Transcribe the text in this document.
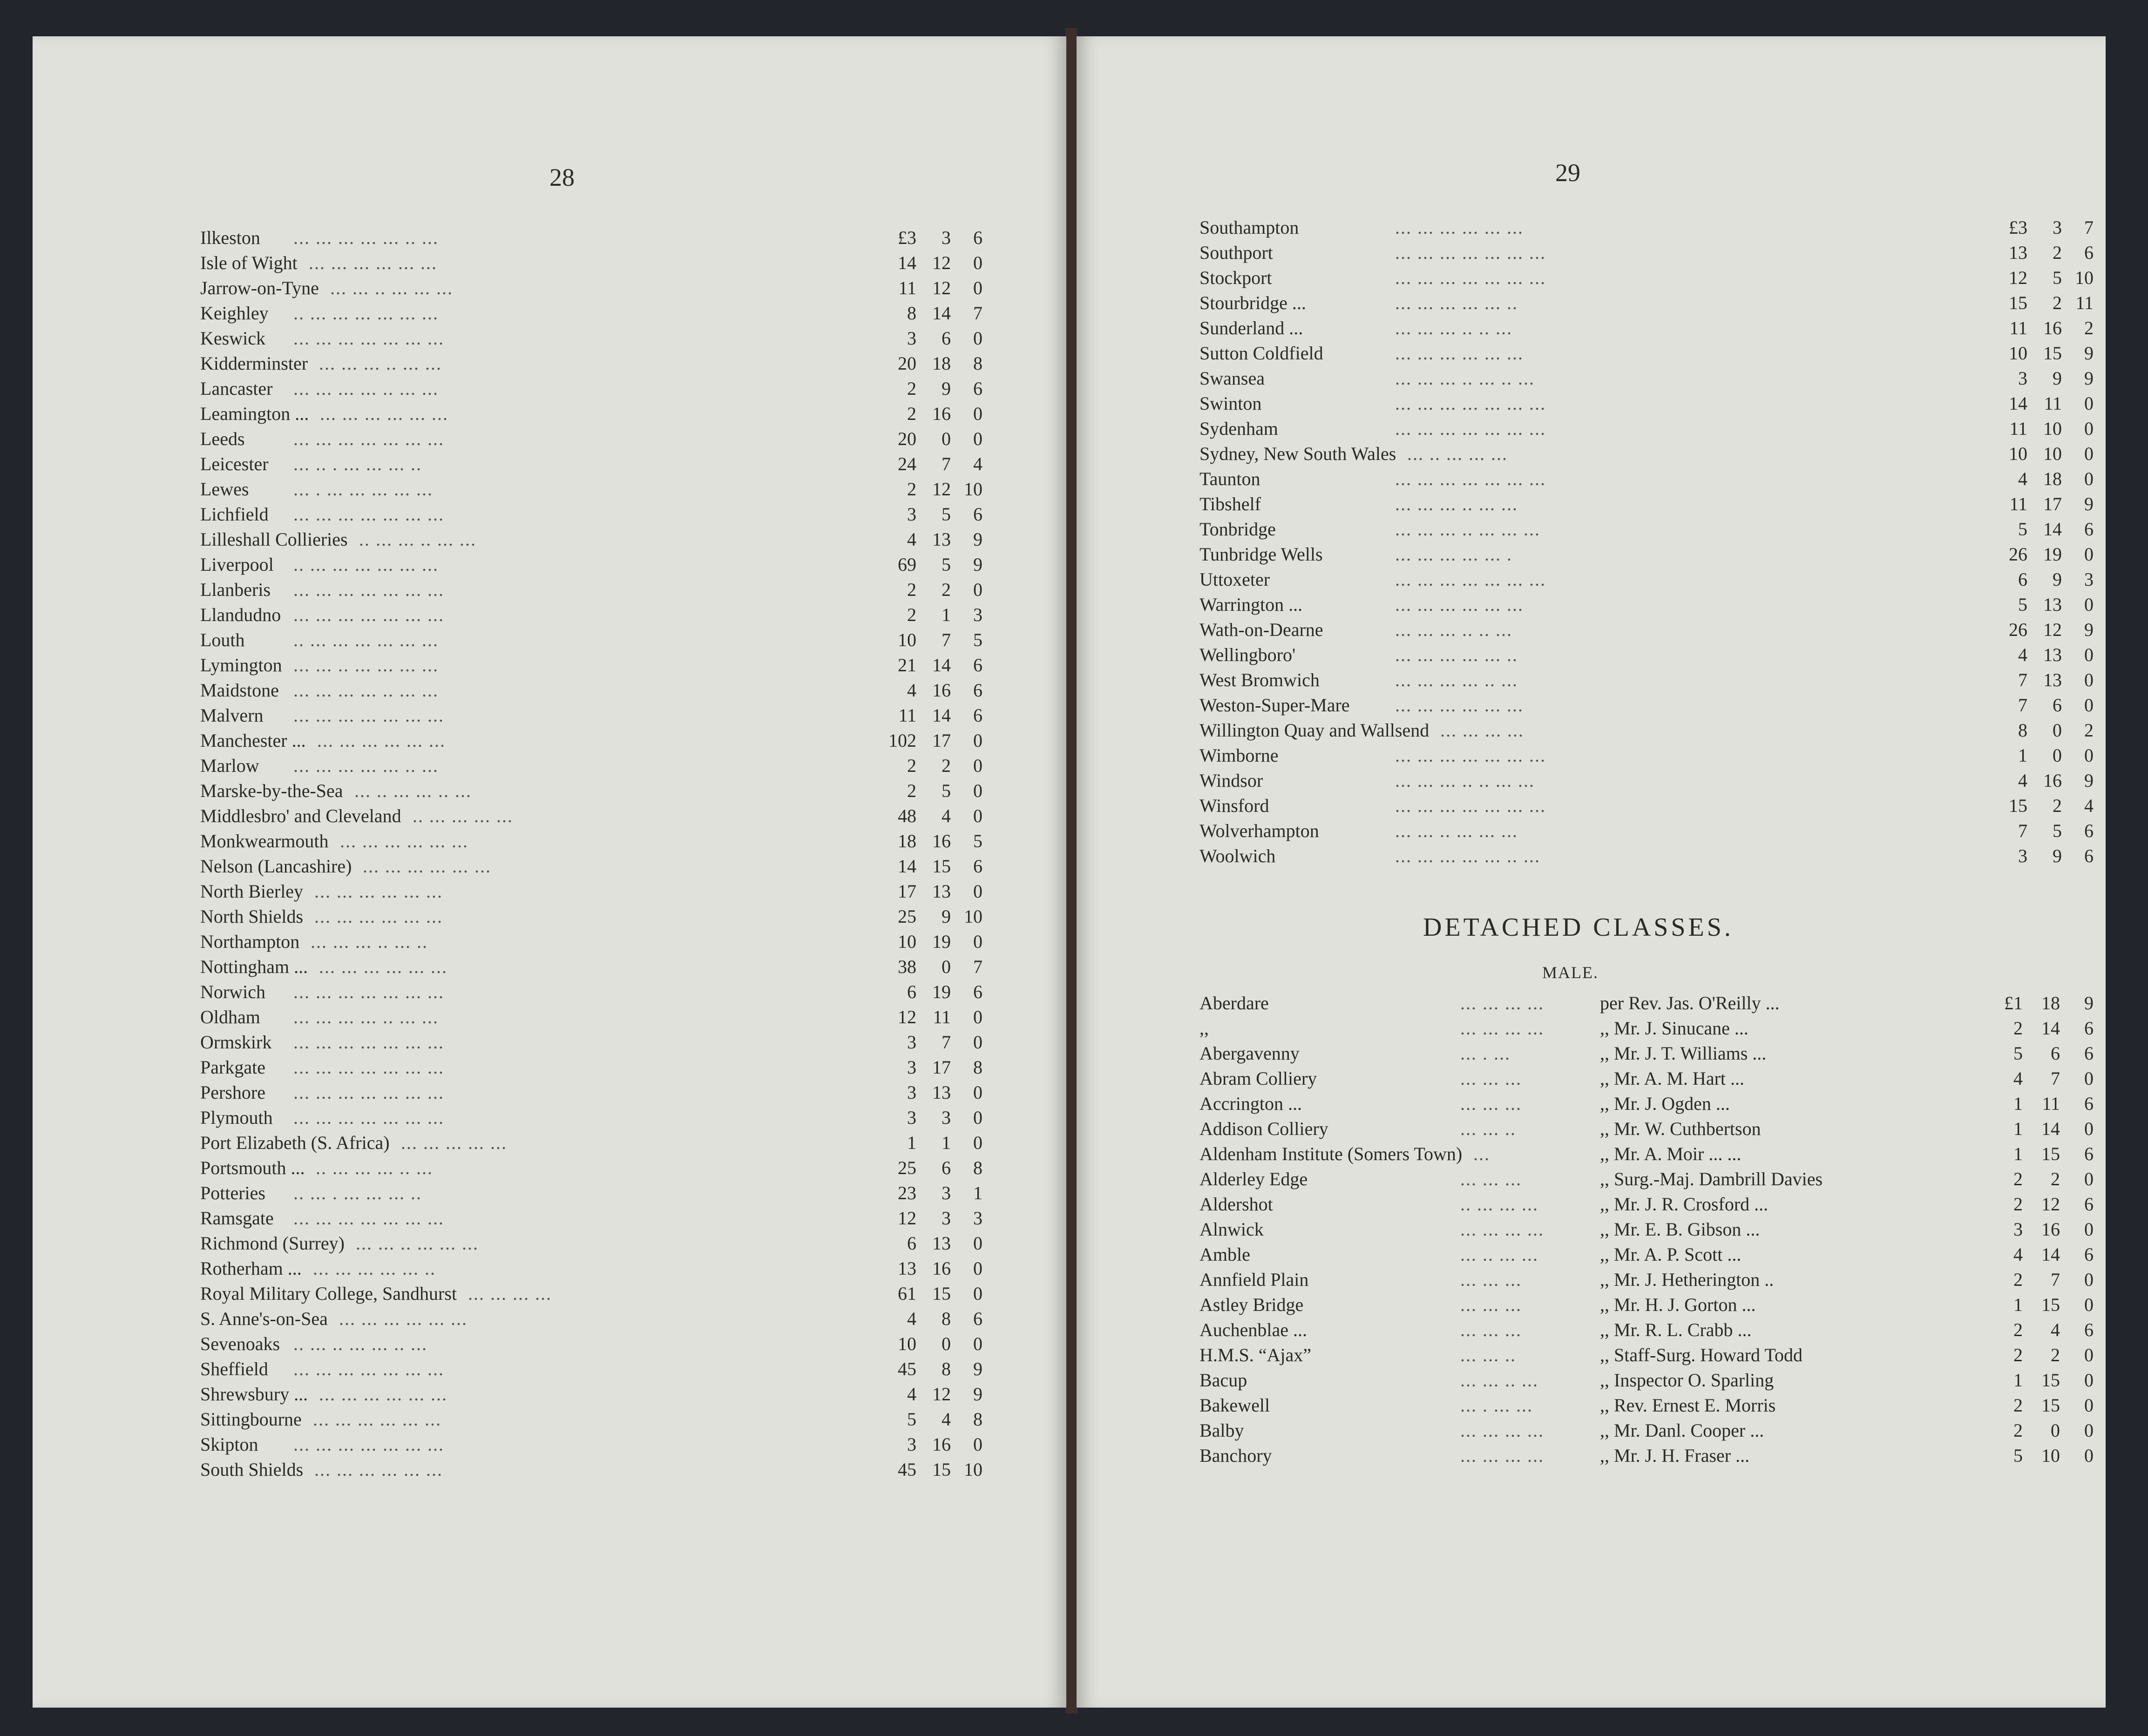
28
Ilkeston ... ... ... ... ... .. ...	£3	3	6
Isle of Wight ... ... ... ... ... ...	14 12	0
Jarrow-on-Tyne ... ... .. ... ... ...	11 12	0
Keighley .. ... ... ... ... ... ...	8 14	7
Keswick ... ... ... ... ... ... ...	3	6	0
Kidderminster ... ... ... .. ... ...	20 18	8
Lancaster ... ... ... ... .. ... ...	2	9	6
Leamington ... ... ... ... ... ... ...	2 16	0
Leeds	... ... ... ... ... ... ...	20	0	0
Leicester ... .. . ... ... ... ..	24	7	4
Lewes ... . ... ... ... ... ...	2 12 10
Lichfield ... ... ... ... ... ... ...	3	5	6
Lilleshall Collieries .. ... ... .. ... ...	4 13	9
Liverpool .. ... ... ... ... ... ...	69	5	9
Llanberis ... ... ... ... ... ... ...	2	2	0
Llandudno ... ... ... ... ... ... ...	2	1	3
Louth	.. ... ... ... ... ... ...	10	7	5
Lymington ... ... .. ... ... ... ...	21 14	6
Maidstone ... ... ... ... .. ... ...	4 16	6
Malvern ... ... ... ... ... ... ...	11 14	6
Manchester ... ... ... ... ... ... ...	102 17	0
Marlow ... ... ... ... ... .. ...	2	2	0
Marske-by-the-Sea ... .. ... ... .. ...	2	5	0
Middlesbro' and Cleveland .. ... ... ... ...	48	4	0
Monkwearmouth ... ... ... ... ... ...	18 16	5
Nelson (Lancashire) ... ... ... ... ... ...	14 15	6
North Bierley ... ... ... ... ... ...	17 13	0
North Shields ... ... ... ... ... ...	25	9 10
Northampton ... ... ... .. ... ..	10 19	0
Nottingham ... ... ... ... ... ... ...	38	0	7
Norwich ... ... ... ... ... ... ...	6 19	6
Oldham ... ... ... ... .. ... ...	12 11	0
Ormskirk ... ... ... ... ... ... ...	3	7	0
Parkgate ... ... ... ... ... ... ...	3 17	8
Pershore ... ... ... ... ... ... ...	3 13	0
Plymouth ... ... ... ... ... ... ...	3	3	0
Port Elizabeth (S. Africa) ... ... ... ... ...	1	1	0
Portsmouth ... .. ... ... ... .. ...	25	6	8
Potteries .. ... . ... ... ... ..	23	3	1
Ramsgate ... ... ... ... ... ... ...	12	3	3
Richmond (Surrey) ... ... .. ... ... ...	6 13	0
Rotherham ... ... ... ... ... ... ..	13 16	0
Royal Military College, Sandhurst ... ... ... ...	61 15	0
S. Anne's-on-Sea ... ... ... ... ... ...	4	8	6
Sevenoaks .. ... .. ... ... .. ...	10	0	0
Sheffield ... ... ... ... ... ... ...	45	8	9
Shrewsbury ... ... ... ... ... ... ...	4 12	9
Sittingbourne ... ... ... ... ... ...	5	4	8
Skipton ... ... ... ... ... ... ...	3 16	0
South Shields ... ... ... ... ... ...	45 15 10
29
Southampton	... ... ... ... ... ...	£3	3	7
Southport	... ... ... ... ... ... ...	13	2	6
Stockport	... ... ... ... ... ... ...	12	5 10
Stourbridge ...	... ... ... ... ... ..	15	2 11
Sunderland ...	... ... ... .. .. ...	11 16	2
Sutton Coldfield	... ... ... ... ... ...	10 15	9
Swansea	... ... ... .. ... .. ...	3	9	9
Swinton	... ... ... ... ... ... ...	14 11	0
Sydenham	... ... ... ... ... ... ...	11 10	0
Sydney, New South Wales ... .. ... ... ...	10 10	0
Taunton	... ... ... ... ... ... ...	4 18	0
Tibshelf	... ... ... .. ... ...	11 17	9
Tonbridge	... ... ... .. ... ... ...	5 14	6
Tunbridge Wells	... ... ... ... ... .	26 19	0
Uttoxeter	... ... ... ... ... ... ...	6	9	3
Warrington ...	... ... ... ... ... ...	5 13	0
Wath-on-Dearne	... ... ... .. .. ...	26 12	9
Wellingboro'	... ... ... ... ... ..	4 13	0
West Bromwich	... ... ... ... .. ...	7 13	0
Weston-Super-Mare ... ... ... ... ... ...	7	6	0
Willington Quay and Wallsend ... ... ... ...	8	0	2
Wimborne	... ... ... ... ... ... ...	1	0	0
Windsor	... ... ... .. .. ... ...	4 16	9
Winsford	... ... ... ... ... ... ...	15	2	4
Wolverhampton	... ... .. ... ... ...	7	5	6
Woolwich	... ... ... ... ... .. ...	3	9	6
DETACHED CLASSES.
MALE.
Aberdare	... ... ... ...	per Rev. Jas. O'Reilly ...	£1	18	9
,,	... ... ... ...	,, Mr. J. Sinucane ...	2	14	6
Abergavenny	... . ...	,, Mr. J. T. Williams ...	5	6	6
Abram Colliery	... ... ...	,, Mr. A. M. Hart ...	4	7	0
Accrington ...	... ... ...	,, Mr. J. Ogden ...	1	11	6
Addison Colliery	... ... ..	,, Mr. W. Cuthbertson	1	14	0
Aldenham Institute (Somers Town) ...	,, Mr. A. Moir ... ...	1	15	6
Alderley Edge	... ... ...	,, Surg.-Maj. Dambrill Davies	2	2	0
Aldershot	.. ... ... ...	,, Mr. J. R. Crosford ...	2	12	6
Alnwick	... ... ... ...	,, Mr. E. B. Gibson ...	3	16	0
Amble	... .. ... ...	,, Mr. A. P. Scott ...	4	14	6
Annfield Plain	... ... ...	,, Mr. J. Hetherington ..	2	7	0
Astley Bridge	... ... ...	,, Mr. H. J. Gorton ...	1	15	0
Auchenblae ...	... ... ...	,, Mr. R. L. Crabb ...	2	4	6
H.M.S. “Ajax”	... ... ..	,, Staff-Surg. Howard Todd	2	2	0
Bacup	... ... .. ...	,, Inspector O. Sparling	1	15	0
Bakewell	... . ... ...	,, Rev. Ernest E. Morris	2	15	0
Balby	... ... ... ...	,, Mr. Danl. Cooper ...	2	0	0
Banchory	... ... ... ...	,, Mr. J. H. Fraser ...	5	10	0
